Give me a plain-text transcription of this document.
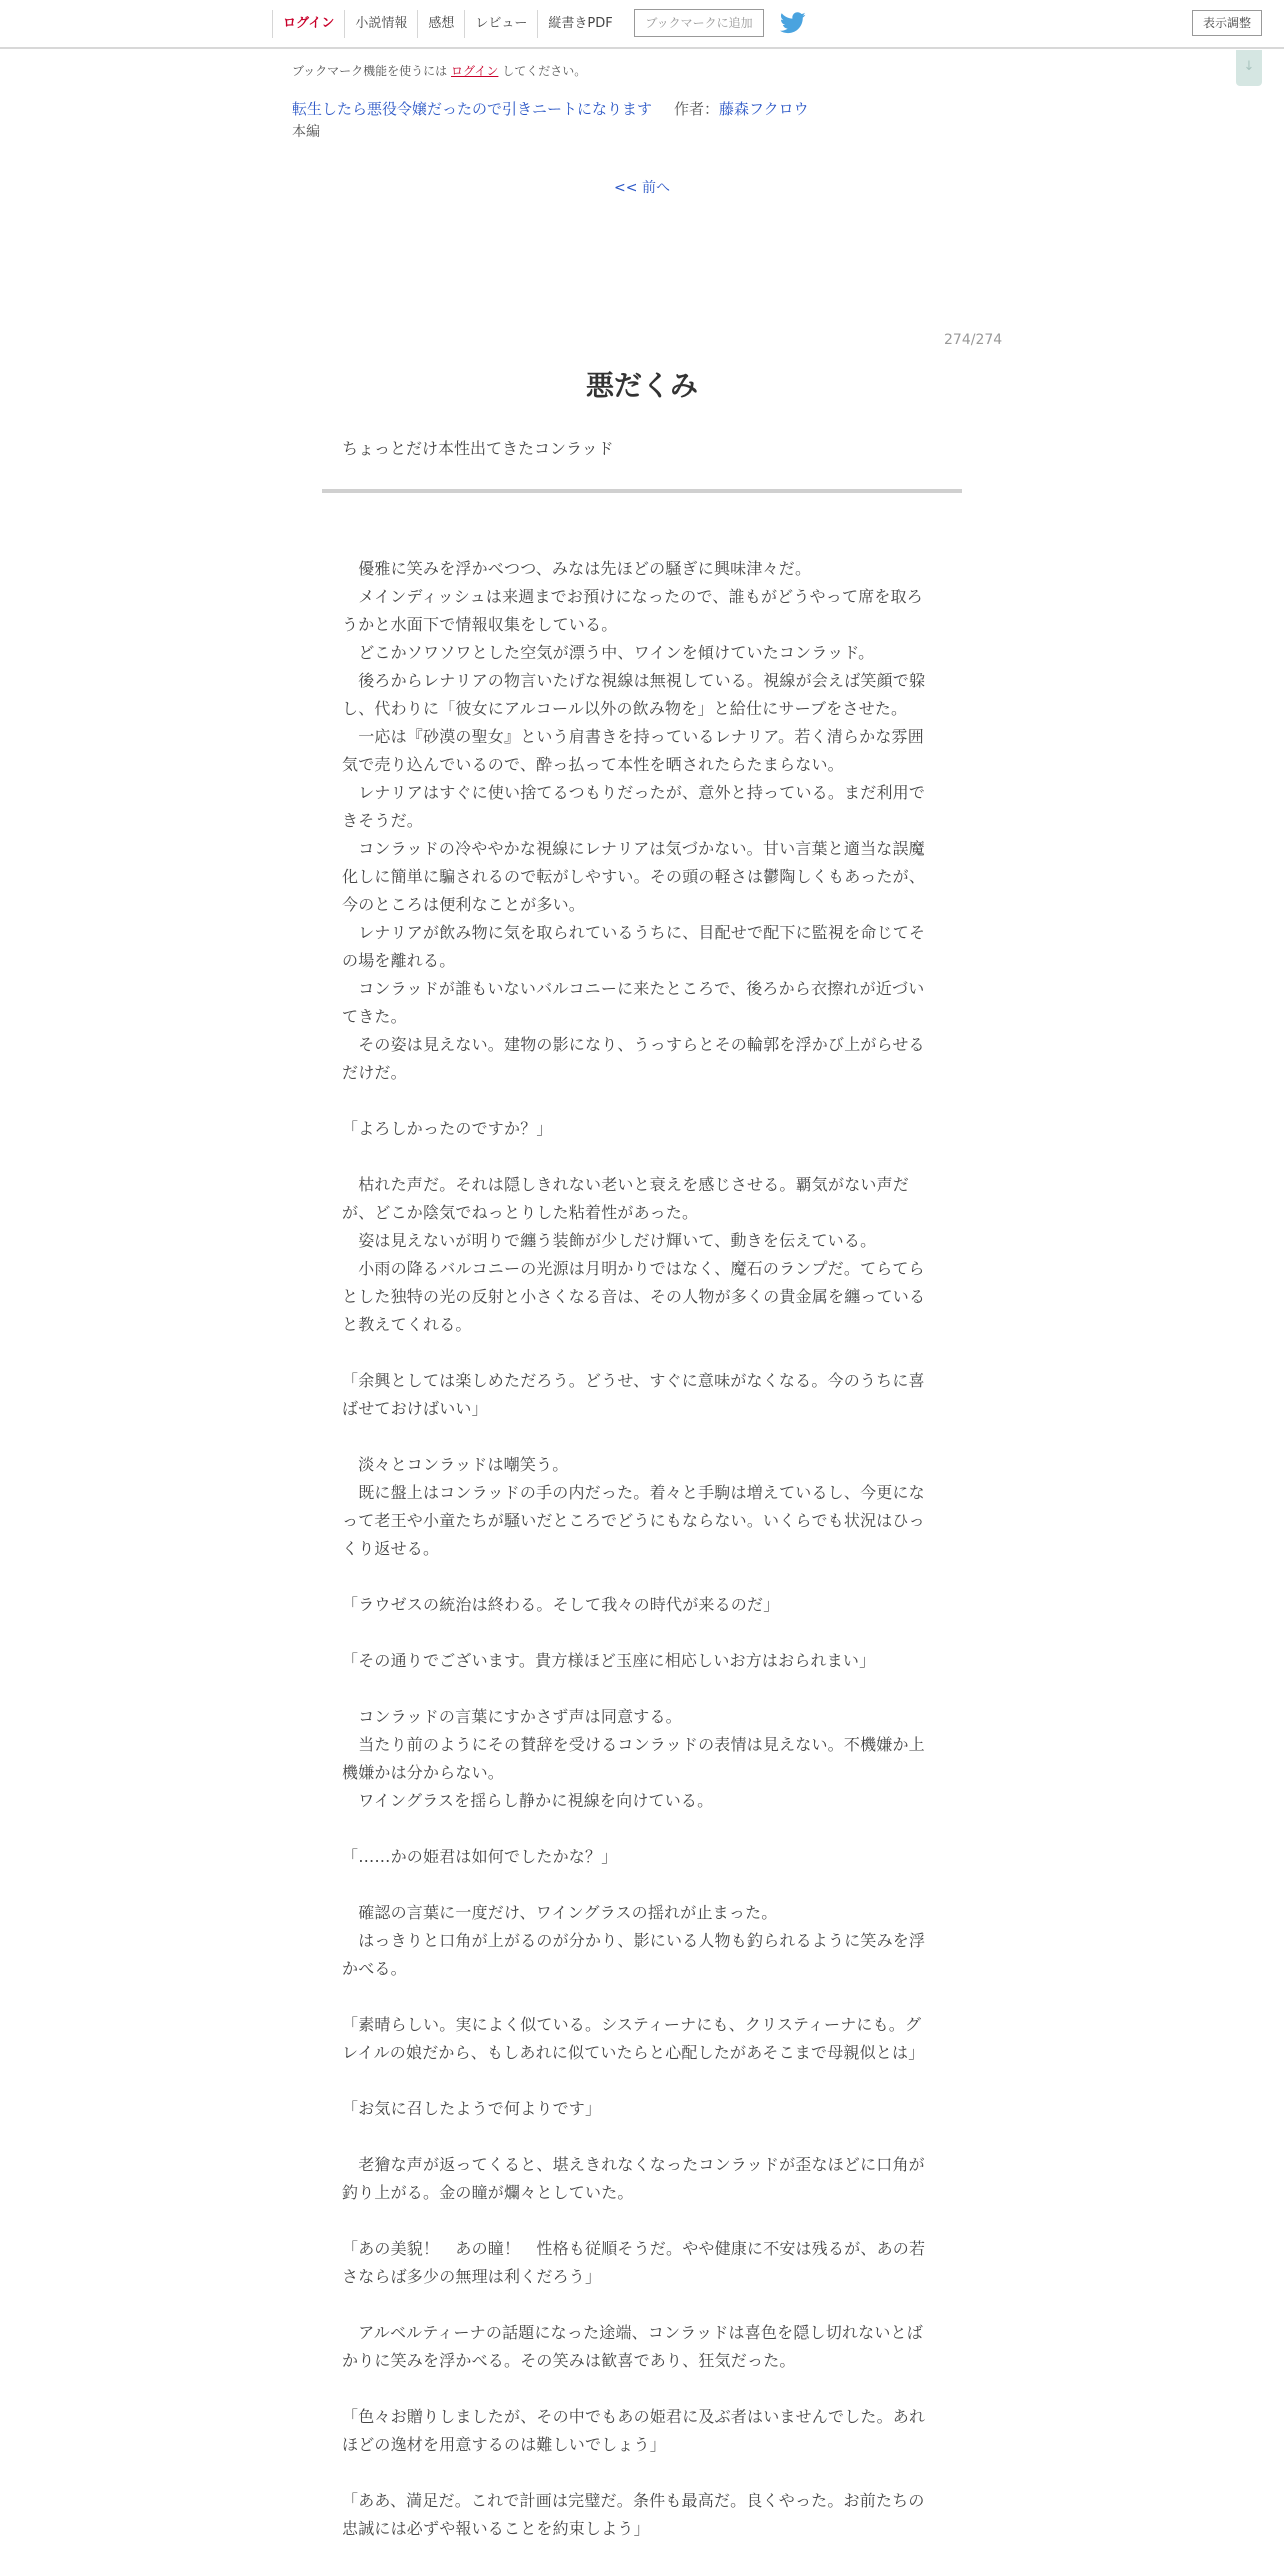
ログイン	小説情報	感想	レビュー	縦書きPDF	ブックマークに追加	表示調整
↓
ブックマーク機能を使うには ログイン してください。
転生したら悪役令嬢だったので引きニートになります 作者：藤森フクロウ
本編
<< 前へ
274/274
悪だくみ
ちょっとだけ本性出てきたコンラッド

　優雅に笑みを浮かべつつ、みなは先ほどの騒ぎに興味津々だ。

　メインディッシュは来週までお預けになったので、誰もがどうやって席を取ろうかと水面下で情報収集をしている。

　どこかソワソワとした空気が漂う中、ワインを傾けていたコンラッド。

　後ろからレナリアの物言いたげな視線は無視している。視線が会えば笑顔で躱し、代わりに「彼女にアルコール以外の飲み物を」と給仕にサーブをさせた。

　一応は『砂漠の聖女』という肩書きを持っているレナリア。若く清らかな雰囲気で売り込んでいるので、酔っ払って本性を晒されたらたまらない。

　レナリアはすぐに使い捨てるつもりだったが、意外と持っている。まだ利用できそうだ。

　コンラッドの冷ややかな視線にレナリアは気づかない。甘い言葉と適当な誤魔化しに簡単に騙されるので転がしやすい。その頭の軽さは鬱陶しくもあったが、今のところは便利なことが多い。

　レナリアが飲み物に気を取られているうちに、目配せで配下に監視を命じてその場を離れる。

　コンラッドが誰もいないバルコニーに来たところで、後ろから衣擦れが近づいてきた。

　その姿は見えない。建物の影になり、うっすらとその輪郭を浮かび上がらせるだけだ。

「よろしかったのですか？」

　枯れた声だ。それは隠しきれない老いと衰えを感じさせる。覇気がない声だが、どこか陰気でねっとりした粘着性があった。

　姿は見えないが明りで纏う装飾が少しだけ輝いて、動きを伝えている。

　小雨の降るバルコニーの光源は月明かりではなく、魔石のランプだ。てらてらとした独特の光の反射と小さくなる音は、その人物が多くの貴金属を纏っていると教えてくれる。

「余興としては楽しめただろう。どうせ、すぐに意味がなくなる。今のうちに喜ばせておけばいい」

　淡々とコンラッドは嘲笑う。

　既に盤上はコンラッドの手の内だった。着々と手駒は増えているし、今更になって老王や小童たちが騒いだところでどうにもならない。いくらでも状況はひっくり返せる。

「ラウゼスの統治は終わる。そして我々の時代が来るのだ」

「その通りでございます。貴方様ほど玉座に相応しいお方はおられまい」

　コンラッドの言葉にすかさず声は同意する。

　当たり前のようにその賛辞を受けるコンラッドの表情は見えない。不機嫌か上機嫌かは分からない。

　ワイングラスを揺らし静かに視線を向けている。

「……かの姫君は如何でしたかな？」

　確認の言葉に一度だけ、ワイングラスの揺れが止まった。

　はっきりと口角が上がるのが分かり、影にいる人物も釣られるように笑みを浮かべる。

「素晴らしい。実によく似ている。システィーナにも、クリスティーナにも。グレイルの娘だから、もしあれに似ていたらと心配したがあそこまで母親似とは」

「お気に召したようで何よりです」

　老獪な声が返ってくると、堪えきれなくなったコンラッドが歪なほどに口角が釣り上がる。金の瞳が爛々としていた。

「あの美貌！　あの瞳！　性格も従順そうだ。やや健康に不安は残るが、あの若さならば多少の無理は利くだろう」

　アルベルティーナの話題になった途端、コンラッドは喜色を隠し切れないとばかりに笑みを浮かべる。その笑みは歓喜であり、狂気だった。

「色々お贈りしましたが、その中でもあの姫君に及ぶ者はいませんでした。あれほどの逸材を用意するのは難しいでしょう」

「ああ、満足だ。これで計画は完璧だ。条件も最高だ。良くやった。お前たちの忠誠には必ずや報いることを約束しよう」
